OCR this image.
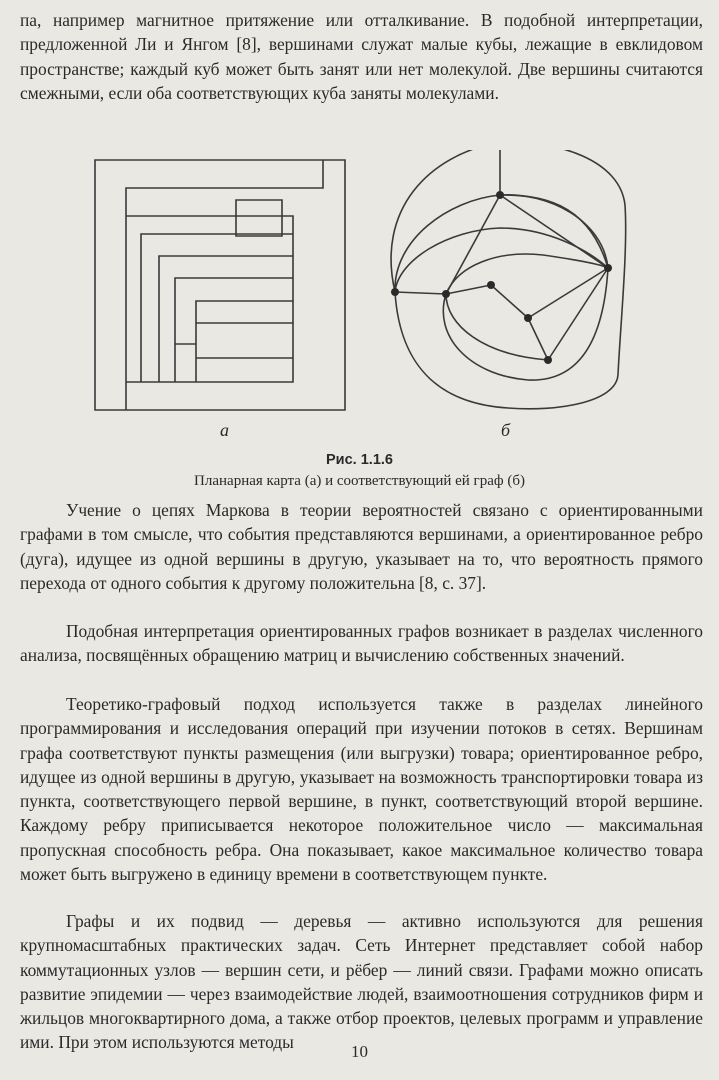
па, например магнитное притяжение или отталкивание. В подобной интерпретации, предложенной Ли и Янгом [8], вершинами служат малые кубы, лежащие в евклидовом пространстве; каждый куб может быть занят или нет молекулой. Две вершины считаются смежными, если оба соответствующих куба заняты молекулами.

а	б
Рис. 1.1.6
Планарная карта (а) и соответствующий ей граф (б)

Учение о цепях Маркова в теории вероятностей связано с ориентированными графами в том смысле, что события представляются вершинами, а ориентированное ребро (дуга), идущее из одной вершины в другую, указывает на то, что вероятность прямого перехода от одного события к другому положительна [8, с. 37].

Подобная интерпретация ориентированных графов возникает в разделах численного анализа, посвящённых обращению матриц и вычислению собственных значений.

Теоретико-графовый подход используется также в разделах линейного программирования и исследования операций при изучении потоков в сетях. Вершинам графа соответствуют пункты размещения (или выгрузки) товара; ориентированное ребро, идущее из одной вершины в другую, указывает на возможность транспортировки товара из пункта, соответствующего первой вершине, в пункт, соответствующий второй вершине. Каждому ребру приписывается некоторое положительное число — максимальная пропускная способность ребра. Она показывает, какое максимальное количество товара может быть выгружено в единицу времени в соответствующем пункте.

Графы и их подвид — деревья — активно используются для решения крупномасштабных практических задач. Сеть Интернет представляет собой набор коммутационных узлов — вершин сети, и рёбер — линий связи. Графами можно описать развитие эпидемии — через взаимодействие людей, взаимоотношения сотрудников фирм и жильцов многоквартирного дома, а также отбор проектов, целевых программ и управление ими. При этом используются методы	10
